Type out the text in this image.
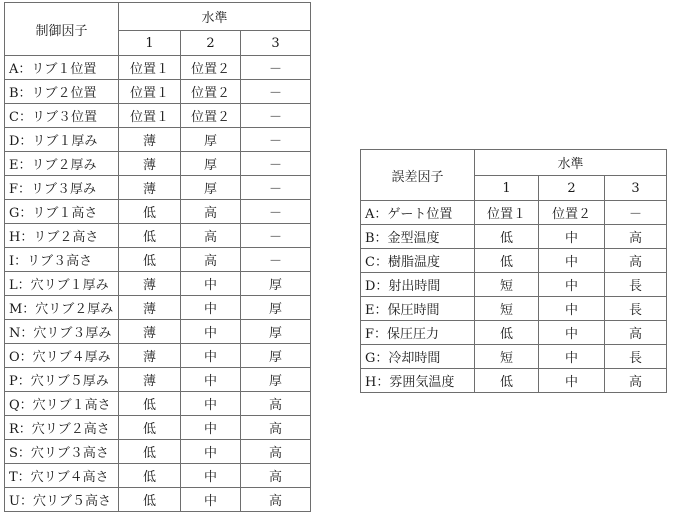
制御因子	水準		
	1	2	3
A：リブ１位置	位置１	位置２	－
B：リブ２位置	位置１	位置２	－
C：リブ３位置	位置１	位置２	－
D：リブ１厚み	薄	厚	－
E：リブ２厚み	薄	厚	－
F：リブ３厚み	薄	厚	－
G：リブ１高さ	低	高	－
H：リブ２高さ	低	高	－
I：リブ３高さ	低	高	－
L：穴リブ１厚み	薄	中	厚
M：穴リブ２厚み	薄	中	厚
N：穴リブ３厚み	薄	中	厚
O：穴リブ４厚み	薄	中	厚
P：穴リブ５厚み	薄	中	厚
Q：穴リブ１高さ	低	中	高
R：穴リブ２高さ	低	中	高
S：穴リブ３高さ	低	中	高
T：穴リブ４高さ	低	中	高
U：穴リブ５高さ	低	中	高
誤差因子	水準		
	1	2	3
A：ゲート位置	位置１	位置２	－
B：金型温度	低	中	高
C：樹脂温度	低	中	高
D：射出時間	短	中	長
E：保圧時間	短	中	長
F：保圧圧力	低	中	高
G：冷却時間	短	中	長
H：雰囲気温度	低	中	高
